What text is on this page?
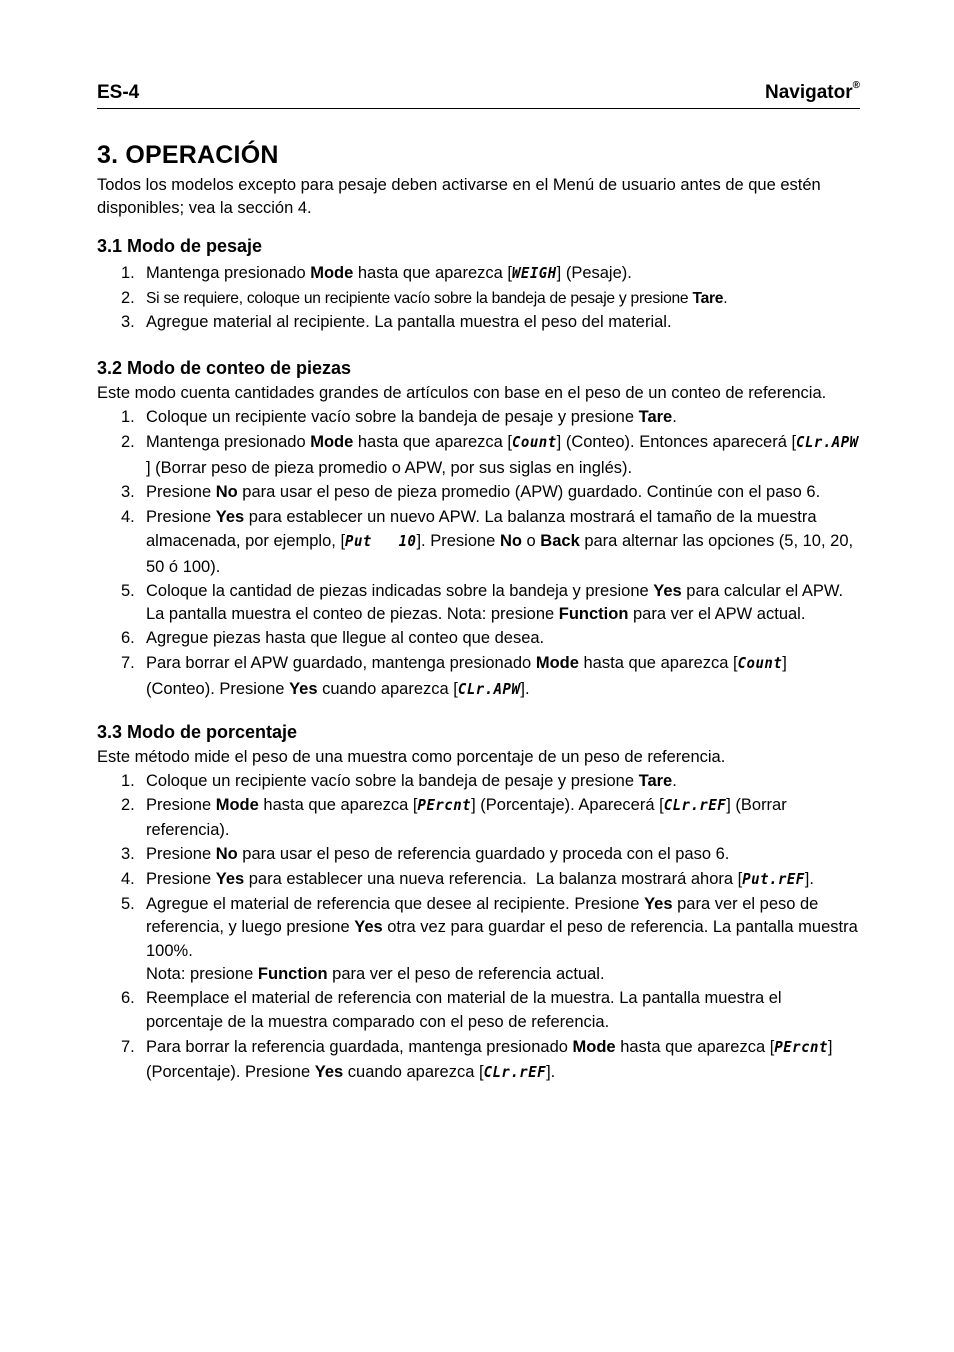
ES-4	Navigator®
3. OPERACIÓN
Todos los modelos excepto para pesaje deben activarse en el Menú de usuario antes de que estén disponibles; vea la sección 4.
3.1 Modo de pesaje
1. Mantenga presionado Mode hasta que aparezca [WEIGH] (Pesaje).
2. Si se requiere, coloque un recipiente vacío sobre la bandeja de pesaje y presione Tare.
3. Agregue material al recipiente. La pantalla muestra el peso del material.
3.2 Modo de conteo de piezas
Este modo cuenta cantidades grandes de artículos con base en el peso de un conteo de referencia.
1. Coloque un recipiente vacío sobre la bandeja de pesaje y presione Tare.
2. Mantenga presionado Mode hasta que aparezca [Count] (Conteo). Entonces aparecerá [CLr.APW] (Borrar peso de pieza promedio o APW, por sus siglas en inglés).
3. Presione No para usar el peso de pieza promedio (APW) guardado. Continúe con el paso 6.
4. Presione Yes para establecer un nuevo APW. La balanza mostrará el tamaño de la muestra almacenada, por ejemplo, [Put   10]. Presione No o Back para alternar las opciones (5, 10, 20, 50 ó 100).
5. Coloque la cantidad de piezas indicadas sobre la bandeja y presione Yes para calcular el APW. La pantalla muestra el conteo de piezas. Nota: presione Function para ver el APW actual.
6. Agregue piezas hasta que llegue al conteo que desea.
7. Para borrar el APW guardado, mantenga presionado Mode hasta que aparezca [Count] (Conteo). Presione Yes cuando aparezca [CLr.APW].
3.3 Modo de porcentaje
Este método mide el peso de una muestra como porcentaje de un peso de referencia.
1. Coloque un recipiente vacío sobre la bandeja de pesaje y presione Tare.
2. Presione Mode hasta que aparezca [PErcnt] (Porcentaje). Aparecerá [CLr.rEF] (Borrar referencia).
3. Presione No para usar el peso de referencia guardado y proceda con el paso 6.
4. Presione Yes para establecer una nueva referencia.  La balanza mostrará ahora [Put.rEF].
5. Agregue el material de referencia que desee al recipiente. Presione Yes para ver el peso de referencia, y luego presione Yes otra vez para guardar el peso de referencia. La pantalla muestra 100%.
Nota: presione Function para ver el peso de referencia actual.
6. Reemplace el material de referencia con material de la muestra. La pantalla muestra el porcentaje de la muestra comparado con el peso de referencia.
7. Para borrar la referencia guardada, mantenga presionado Mode hasta que aparezca [PErcnt] (Porcentaje). Presione Yes cuando aparezca [CLr.rEF].
